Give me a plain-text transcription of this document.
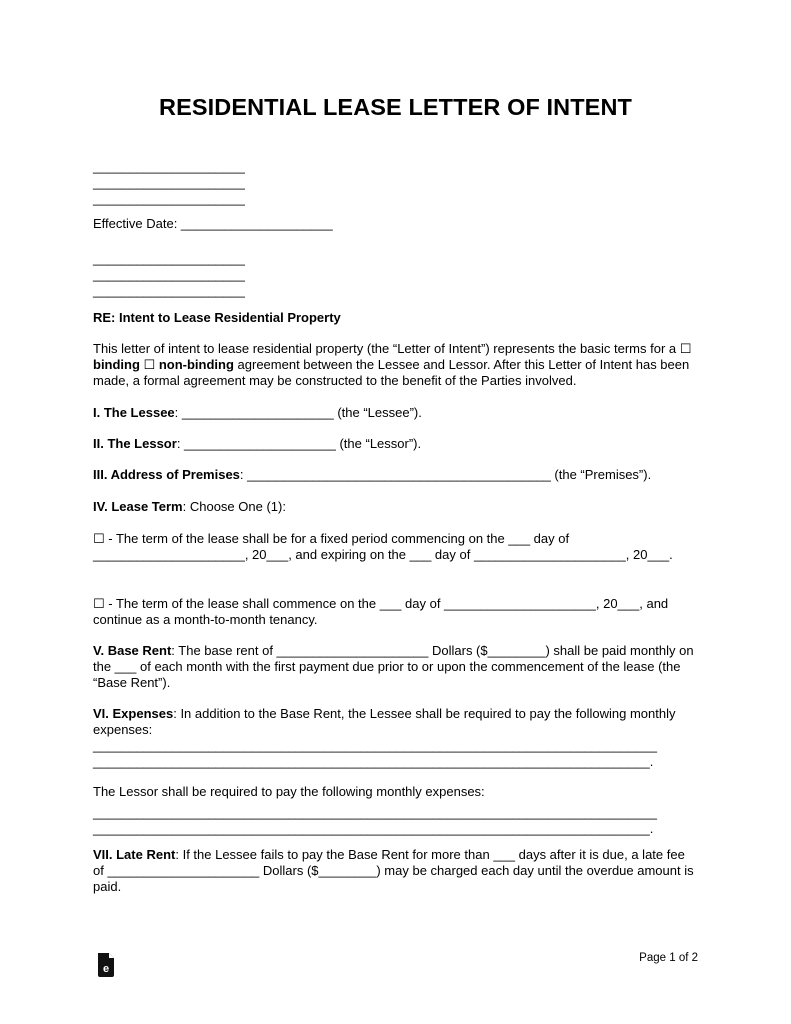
RESIDENTIAL LEASE LETTER OF INTENT
_____________________
_____________________
_____________________
Effective Date: _____________________
_____________________
_____________________
_____________________
RE: Intent to Lease Residential Property
This letter of intent to lease residential property (the “Letter of Intent”) represents the basic terms for a ☐ binding ☐ non-binding agreement between the Lessee and Lessor. After this Letter of Intent has been made, a formal agreement may be constructed to the benefit of the Parties involved.
I. The Lessee: _____________________ (the “Lessee”).
II. The Lessor: _____________________ (the “Lessor”).
III. Address of Premises: __________________________________________ (the “Premises”).
IV. Lease Term: Choose One (1):
☐ - The term of the lease shall be for a fixed period commencing on the ___ day of _____________________, 20___, and expiring on the ___ day of _____________________, 20___.
☐ - The term of the lease shall commence on the ___ day of _____________________, 20___, and continue as a month-to-month tenancy.
V. Base Rent: The base rent of _____________________ Dollars ($________) shall be paid monthly on the ___ of each month with the first payment due prior to or upon the commencement of the lease (the “Base Rent”).
VI. Expenses: In addition to the Base Rent, the Lessee shall be required to pay the following monthly expenses:
______________________________________________________________________________
_____________________________________________________________________________.
The Lessor shall be required to pay the following monthly expenses:
______________________________________________________________________________
_____________________________________________________________________________.
VII. Late Rent: If the Lessee fails to pay the Base Rent for more than ___ days after it is due, a late fee of _____________________ Dollars ($________) may be charged each day until the overdue amount is paid.
e
Page 1 of 2
